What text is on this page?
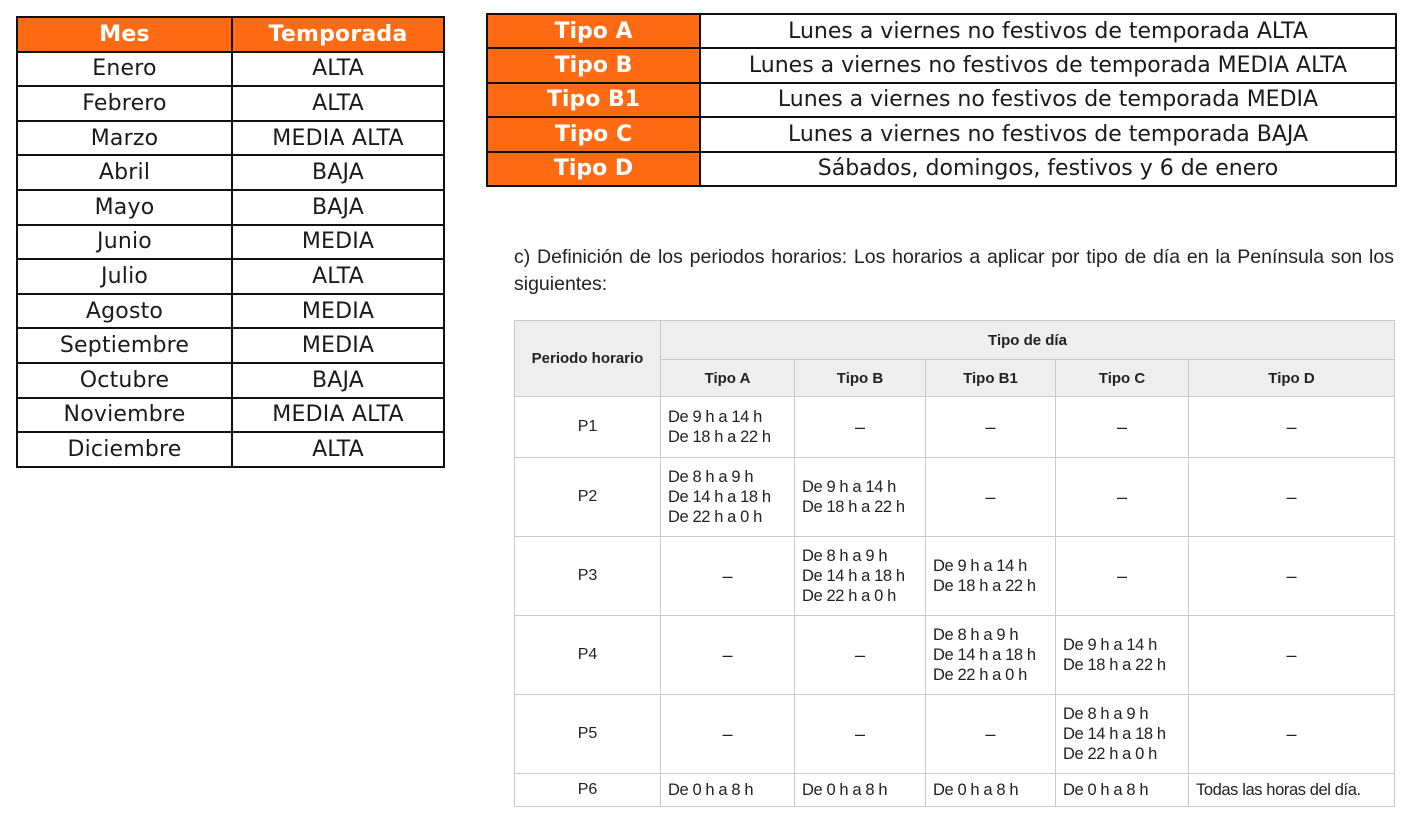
Mes	Temporada
Enero	ALTA
Febrero	ALTA
Marzo	MEDIA ALTA
Abril	BAJA
Mayo	BAJA
Junio	MEDIA
Julio	ALTA
Agosto	MEDIA
Septiembre	MEDIA
Octubre	BAJA
Noviembre	MEDIA ALTA
Diciembre	ALTA
Tipo A	Lunes a viernes no festivos de temporada ALTA
Tipo B	Lunes a viernes no festivos de temporada MEDIA ALTA
Tipo B1	Lunes a viernes no festivos de temporada MEDIA
Tipo C	Lunes a viernes no festivos de temporada BAJA
Tipo D	Sábados, domingos, festivos y 6 de enero
c) Definición de los periodos horarios: Los horarios a aplicar por tipo de día en la Península son los siguientes:
Periodo horario	Tipo de día				
	Tipo A	Tipo B	Tipo B1	Tipo C	Tipo D
P1	De 9 h a 14 h
De 18 h a 22 h	–	–	–	–
P2	De 8 h a 9 h
De 14 h a 18 h
De 22 h a 0 h	De 9 h a 14 h
De 18 h a 22 h	–	–	–
P3	–	De 8 h a 9 h
De 14 h a 18 h
De 22 h a 0 h	De 9 h a 14 h
De 18 h a 22 h	–	–
P4	–	–	De 8 h a 9 h
De 14 h a 18 h
De 22 h a 0 h	De 9 h a 14 h
De 18 h a 22 h	–
P5	–	–	–	De 8 h a 9 h
De 14 h a 18 h
De 22 h a 0 h	–
P6	De 0 h a 8 h	De 0 h a 8 h	De 0 h a 8 h	De 0 h a 8 h	Todas las horas del día.
